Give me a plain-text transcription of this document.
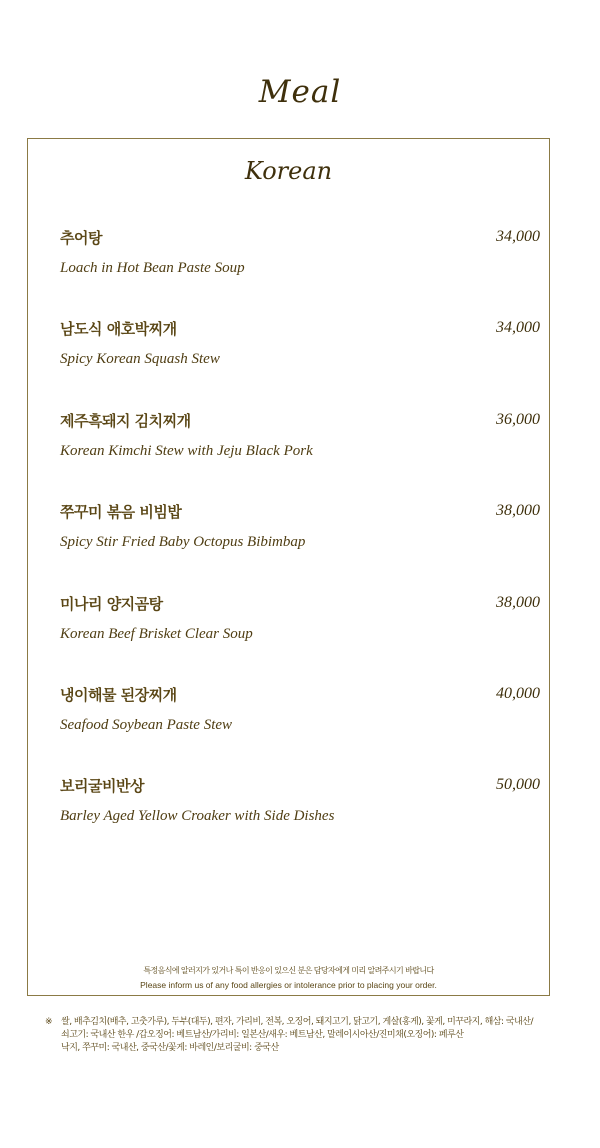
Meal
Korean
추어탕
Loach in Hot Bean Paste Soup
34,000
남도식 애호박찌개
Spicy Korean Squash Stew
34,000
제주흑돼지 김치찌개
Korean Kimchi Stew with Jeju Black Pork
36,000
쭈꾸미 볶음 비빔밥
Spicy Stir Fried Baby Octopus Bibimbap
38,000
미나리 양지곰탕
Korean Beef Brisket Clear Soup
38,000
냉이해물 된장찌개
Seafood Soybean Paste Stew
40,000
보리굴비반상
Barley Aged Yellow Croaker with Side Dishes
50,000
특정음식에 알러지가 있거나 특이 반응이 있으신 분은 담당자에게 미리 알려주시기 바랍니다
Please inform us of any food allergies or intolerance prior to placing your order.
※ 쌀, 배추김치(배추, 고춧가루), 두부(대두), 편자, 가리비, 전복, 오징어, 돼지고기, 닭고기, 게살(홍게), 꽃게, 미꾸라지, 해삼: 국내산/
쇠고기: 국내산 한우 /갑오징어: 베트남산/가리비: 일본산/새우: 베트남산, 말레이시아산/진미채(오징어): 페루산
낙지, 쭈꾸미: 국내산, 중국산/꽃게: 바레인/보리굴비: 중국산
